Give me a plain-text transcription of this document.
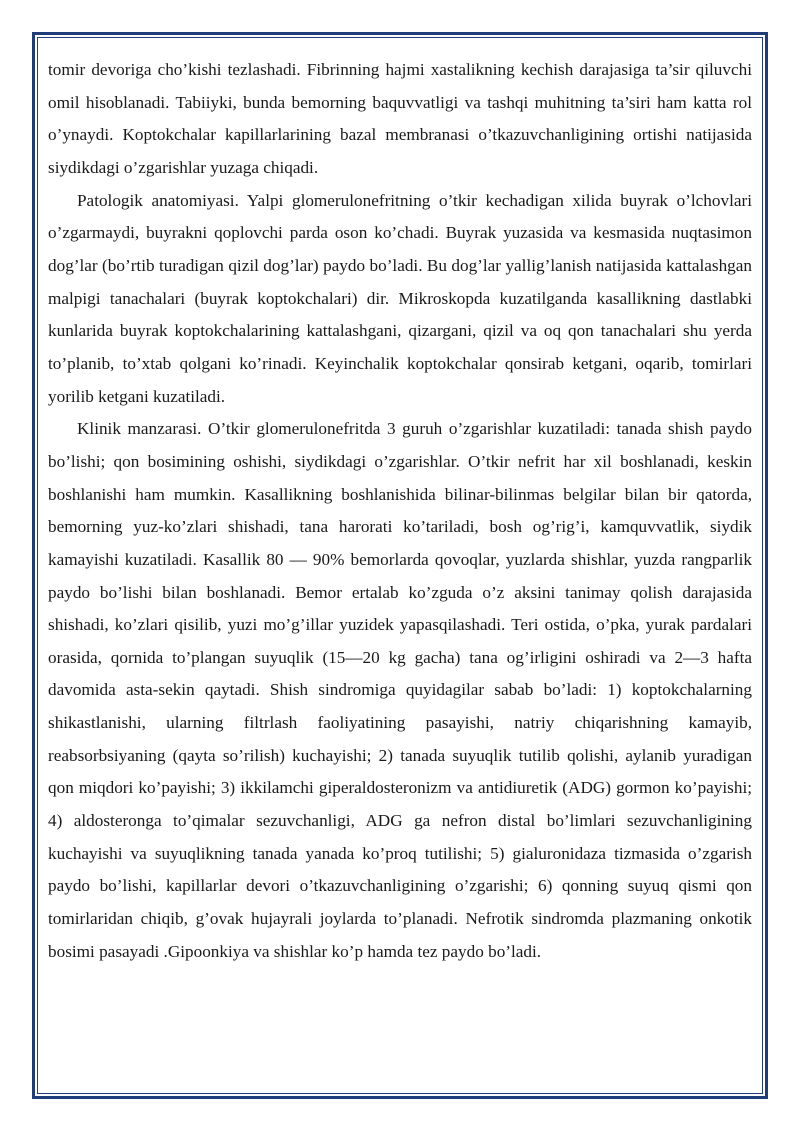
tomir devoriga cho’kishi tezlashadi. Fibrinning hajmi xastalikning kechish darajasiga ta’sir qiluvchi omil hisoblanadi. Tabiiyki, bunda bemorning baquvvatligi va tashqi muhitning ta’siri ham katta rol o’ynaydi. Koptokchalar kapillarlarining bazal membranasi o’tkazuvchanligining ortishi natijasida siydikdagi o’zgarishlar yuzaga chiqadi.

Patologik anatomiyasi. Yalpi glomerulonefritning o’tkir kechadigan xilida buyrak o’lchovlari o’zgarmaydi, buyrakni qoplovchi parda oson ko’chadi. Buyrak yuzasida va kesmasida nuqtasimon dog’lar (bo’rtib turadigan qizil dog’lar) paydo bo’ladi. Bu dog’lar yallig’lanish natijasida kattalashgan malpigi tanachalari (buyrak koptokchalari) dir. Mikroskopda kuzatilganda kasallikning dastlabki kunlarida buyrak koptokchalarining kattalashgani, qizargani, qizil va oq qon tanachalari shu yerda to’planib, to’xtab qolgani ko’rinadi. Keyinchalik koptokchalar qonsirab ketgani, oqarib, tomirlari yorilib ketgani kuzatiladi.

Klinik manzarasi. O’tkir glomerulonefritda 3 guruh o’zgarishlar kuzatiladi: tanada shish paydo bo’lishi; qon bosimining oshishi, siydikdagi o’zgarishlar. O’tkir nefrit har xil boshlanadi, keskin boshlanishi ham mumkin. Kasallikning boshlanishida bilinar-bilinmas belgilar bilan bir qatorda, bemorning yuz-ko’zlari shishadi, tana harorati ko’tariladi, bosh og’rig’i, kamquvvatlik, siydik kamayishi kuzatiladi. Kasallik 80 — 90% bemorlarda qovoqlar, yuzlarda shishlar, yuzda rangparlik paydo bo’lishi bilan boshlanadi. Bemor ertalab ko’zguda o’z aksini tanimay qolish darajasida shishadi, ko’zlari qisilib, yuzi mo’g’illar yuzidek yapasqilashadi. Teri ostida, o’pka, yurak pardalari orasida, qornida to’plangan suyuqlik (15—20 kg gacha) tana og’irligini oshiradi va 2—3 hafta davomida asta-sekin qaytadi. Shish sindromiga quyidagilar sabab bo’ladi: 1) koptokchalarning shikastlanishi, ularning filtrlash faoliyatining pasayishi, natriy chiqarishning kamayib, reabsorbsiyaning (qayta so’rilish) kuchayishi; 2) tanada suyuqlik tutilib qolishi, aylanib yuradigan qon miqdori ko’payishi; 3) ikkilamchi giperaldosteronizm va antidiuretik (ADG) gormon ko’payishi; 4) aldosteronga to’qimalar sezuvchanligi, ADG ga nefron distal bo’limlari sezuvchanligining kuchayishi va suyuqlikning tanada yanada ko’proq tutilishi; 5) gialuronidaza tizmasida o’zgarish paydo bo’lishi, kapillarlar devori o’tkazuvchanligining o’zgarishi; 6) qonning suyuq qismi qon tomirlaridan chiqib, g’ovak hujayrali joylarda to’planadi. Nefrotik sindromda plazmaning onkotik bosimi pasayadi .Gipoonkiya va shishlar ko’p hamda tez paydo bo’ladi.
